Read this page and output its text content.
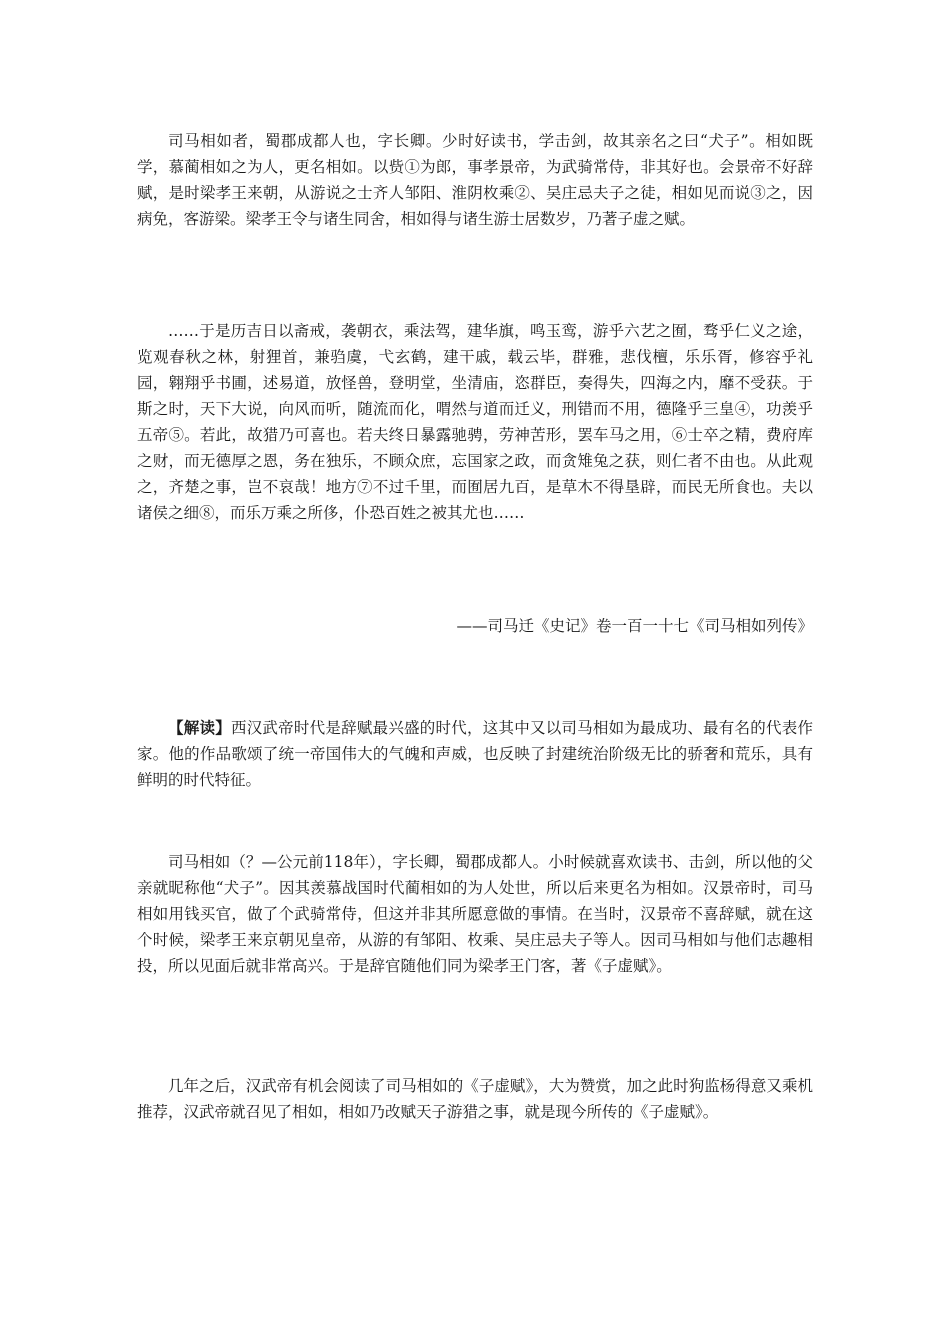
司马相如者，蜀郡成都人也，字长卿。少时好读书，学击剑，故其亲名之曰“犬子”。相如既学，慕蔺相如之为人，更名相如。以赀①为郎，事孝景帝，为武骑常侍，非其好也。会景帝不好辞赋，是时梁孝王来朝，从游说之士齐人邹阳、淮阴枚乘②、吴庄忌夫子之徒，相如见而说③之，因病免，客游梁。梁孝王令与诸生同舍，相如得与诸生游士居数岁，乃著子虚之赋。

……于是历吉日以斋戒，袭朝衣，乘法驾，建华旗，鸣玉鸾，游乎六艺之囿，骛乎仁义之途，览观春秋之林，射狸首，兼驺虞，弋玄鹤，建干戚，载云毕，群雅，悲伐檀，乐乐胥，修容乎礼园，翱翔乎书圃，述易道，放怪兽，登明堂，坐清庙，恣群臣，奏得失，四海之内，靡不受获。于斯之时，天下大说，向风而听，随流而化，喟然与道而迁义，刑错而不用，德隆乎三皇④，功羡乎五帝⑤。若此，故猎乃可喜也。若夫终日暴露驰骋，劳神苦形，罢车马之用，⑥士卒之精，费府库之财，而无德厚之恩，务在独乐，不顾众庶，忘国家之政，而贪雉兔之获，则仁者不由也。从此观之，齐楚之事，岂不哀哉！地方⑦不过千里，而囿居九百，是草木不得垦辟，而民无所食也。夫以诸侯之细⑧，而乐万乘之所侈，仆恐百姓之被其尤也……

——司马迁《史记》卷一百一十七《司马相如列传》

【解读】西汉武帝时代是辞赋最兴盛的时代，这其中又以司马相如为最成功、最有名的代表作家。他的作品歌颂了统一帝国伟大的气魄和声威，也反映了封建统治阶级无比的骄奢和荒乐，具有鲜明的时代特征。

司马相如（？—公元前118年），字长卿，蜀郡成都人。小时候就喜欢读书、击剑，所以他的父亲就昵称他“犬子”。因其羡慕战国时代蔺相如的为人处世，所以后来更名为相如。汉景帝时，司马相如用钱买官，做了个武骑常侍，但这并非其所愿意做的事情。在当时，汉景帝不喜辞赋，就在这个时候，梁孝王来京朝见皇帝，从游的有邹阳、枚乘、吴庄忌夫子等人。因司马相如与他们志趣相投，所以见面后就非常高兴。于是辞官随他们同为梁孝王门客，著《子虚赋》。

几年之后，汉武帝有机会阅读了司马相如的《子虚赋》，大为赞赏，加之此时狗监杨得意又乘机推荐，汉武帝就召见了相如，相如乃改赋天子游猎之事，就是现今所传的《子虚赋》。
